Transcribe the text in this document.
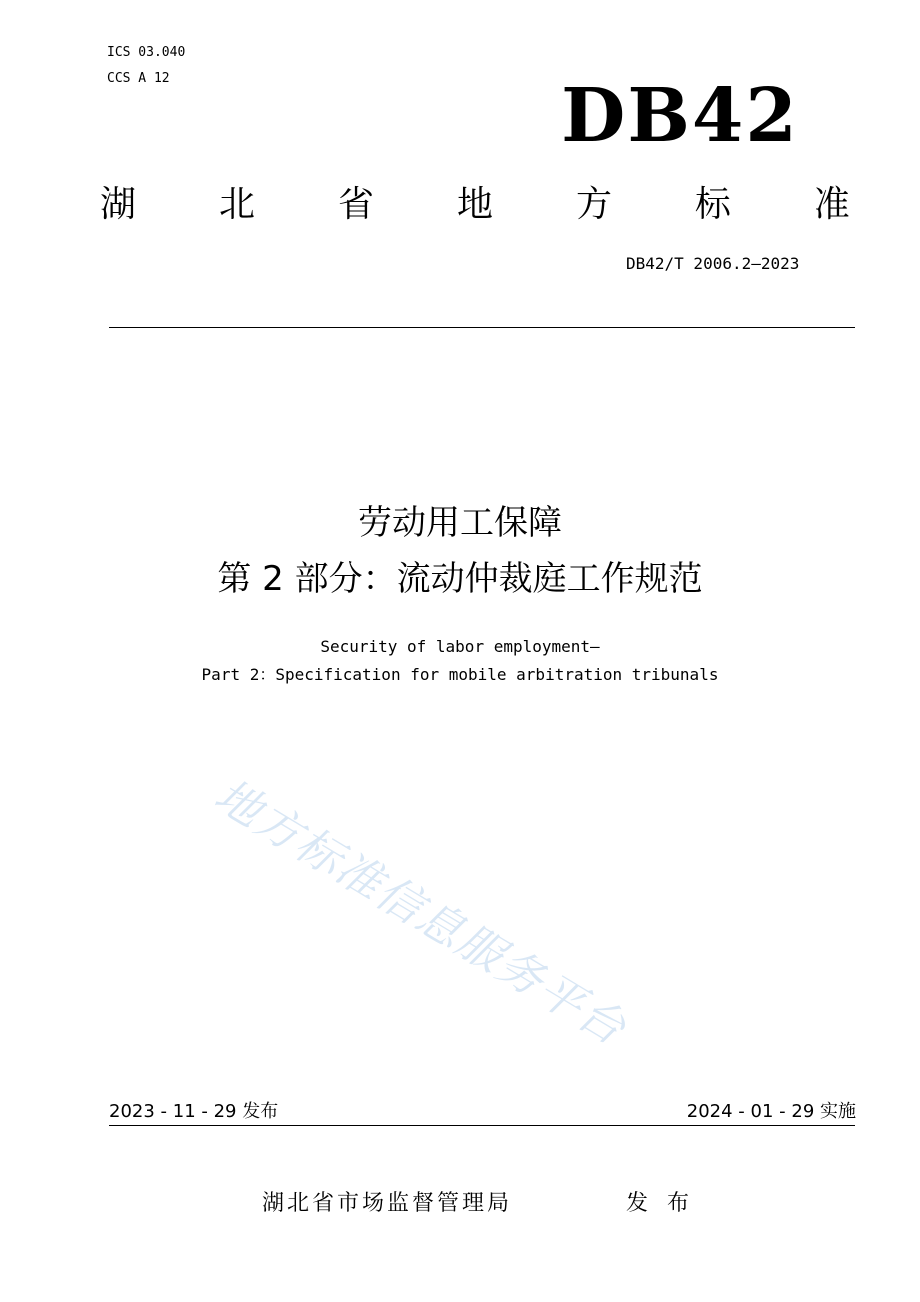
ICS 03.040
CCS A 12	DB42
湖 北 省 地 方 标 准
DB42/T 2006.2—2023
劳动用工保障
第 2 部分：流动仲裁庭工作规范
Security of labor employment—
Part 2：Specification for mobile arbitration tribunals
地方标准信息服务平台
2023 - 11 - 29 发布	2024 - 01 - 29 实施
湖北省市场监督管理局	发 布
